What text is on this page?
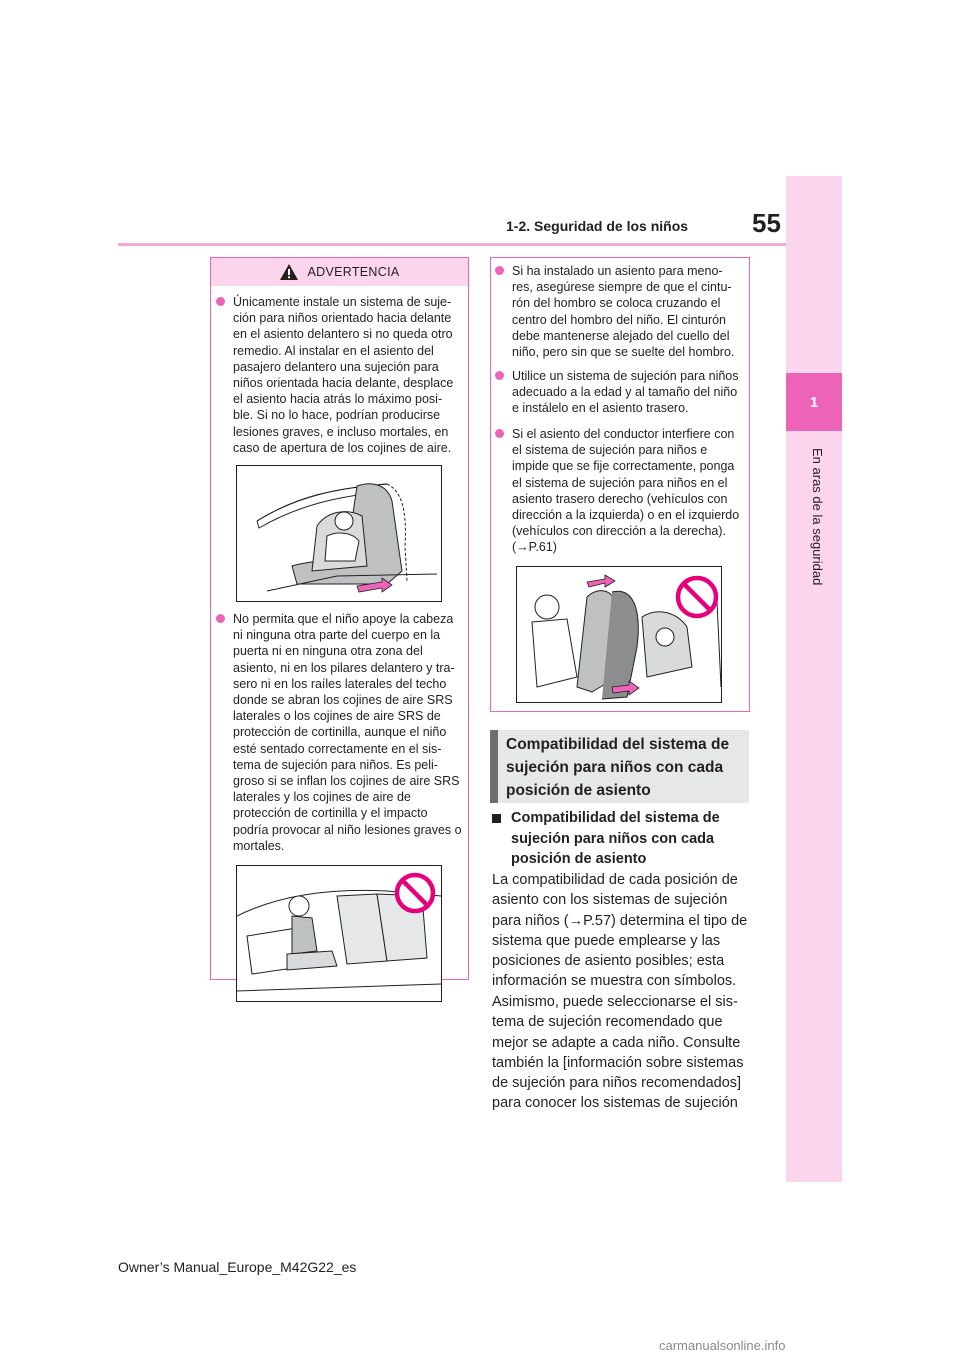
55
1-2. Seguridad de los niños
1
En aras de la seguridad
ADVERTENCIA
Únicamente instale un sistema de suje-ción para niños orientado hacia delante en el asiento delantero si no queda otro remedio. Al instalar en el asiento del pasajero delantero una sujeción para niños orientada hacia delante, desplace el asiento hacia atrás lo máximo posi-ble. Si no lo hace, podrían producirse lesiones graves, e incluso mortales, en caso de apertura de los cojines de aire.
No permita que el niño apoye la cabeza ni ninguna otra parte del cuerpo en la puerta ni en ninguna otra zona del asiento, ni en los pilares delantero y tra-sero ni en los raíles laterales del techo donde se abran los cojines de aire SRS laterales o los cojines de aire SRS de protección de cortinilla, aunque el niño esté sentado correctamente en el sis-tema de sujeción para niños. Es peli-groso si se inflan los cojines de aire SRS laterales y los cojines de aire de protección de cortinilla y el impacto podría provocar al niño lesiones graves o mortales.
Si ha instalado un asiento para meno-res, asegúrese siempre de que el cintu-rón del hombro se coloca cruzando el centro del hombro del niño. El cinturón debe mantenerse alejado del cuello del niño, pero sin que se suelte del hombro.
Utilice un sistema de sujeción para niños adecuado a la edad y al tamaño del niño e instálelo en el asiento trasero.
Si el asiento del conductor interfiere con el sistema de sujeción para niños e impide que se fije correctamente, ponga el sistema de sujeción para niños en el asiento trasero derecho (vehículos con dirección a la izquierda) o en el izquierdo (vehículos con dirección a la derecha). (→P.61)
Compatibilidad del sistema de sujeción para niños con cada posición de asiento
Compatibilidad del sistema de sujeción para niños con cada posición de asiento
La compatibilidad de cada posición de asiento con los sistemas de sujeción para niños (→P.57) determina el tipo de sistema que puede emplearse y las posiciones de asiento posibles; esta información se muestra con símbolos.
Asimismo, puede seleccionarse el sis-tema de sujeción recomendado que mejor se adapte a cada niño. Consulte también la [información sobre sistemas de sujeción para niños recomendados] para conocer los sistemas de sujeción
Owner’s Manual_Europe_M42G22_es
carmanualsonline.info
